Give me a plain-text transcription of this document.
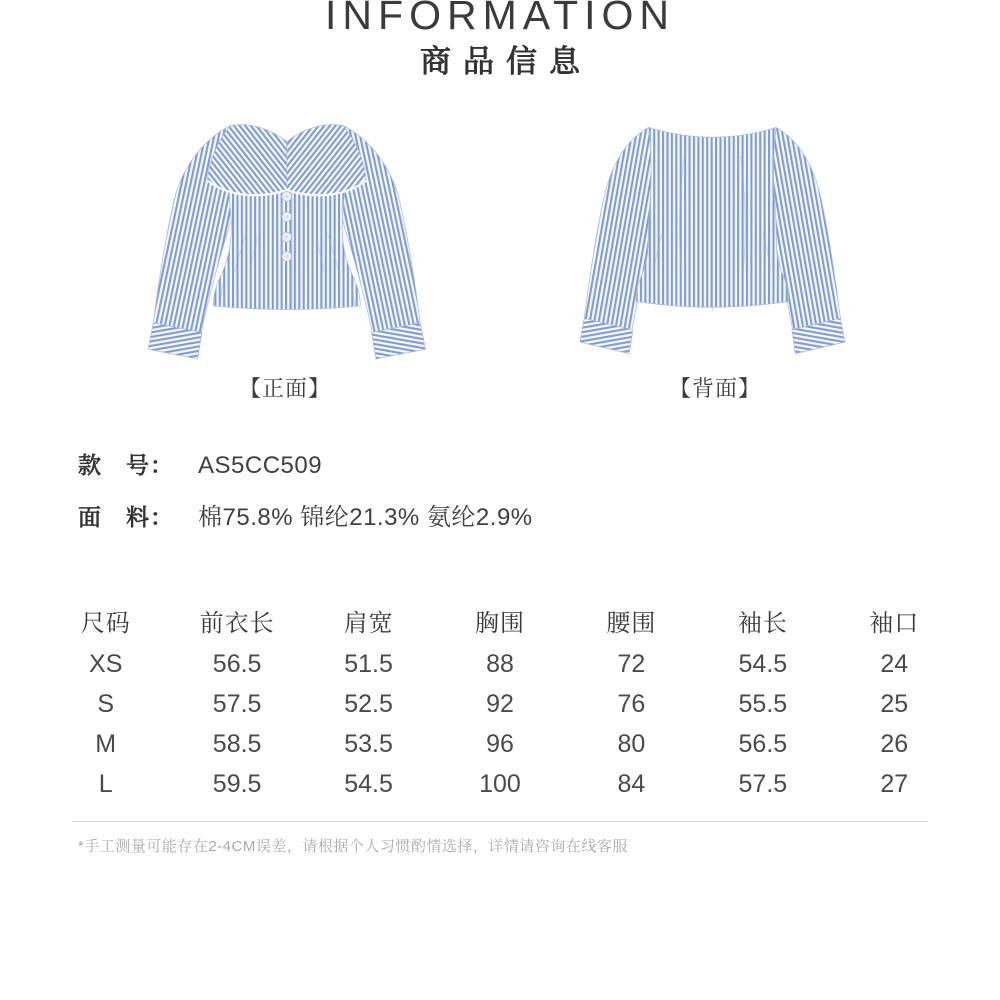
INFORMATION
商品信息
【正面】	【背面】
款　号： AS5CC509
面　料： 棉75.8% 锦纶21.3% 氨纶2.9%
尺码	前衣长	肩宽	胸围	腰围	袖长	袖口
XS	56.5	51.5	88	72	54.5	24
S	57.5	52.5	92	76	55.5	25
M	58.5	53.5	96	80	56.5	26
L	59.5	54.5	100	84	57.5	27

*手工测量可能存在2-4CM误差，请根据个人习惯酌情选择，详情请咨询在线客服
